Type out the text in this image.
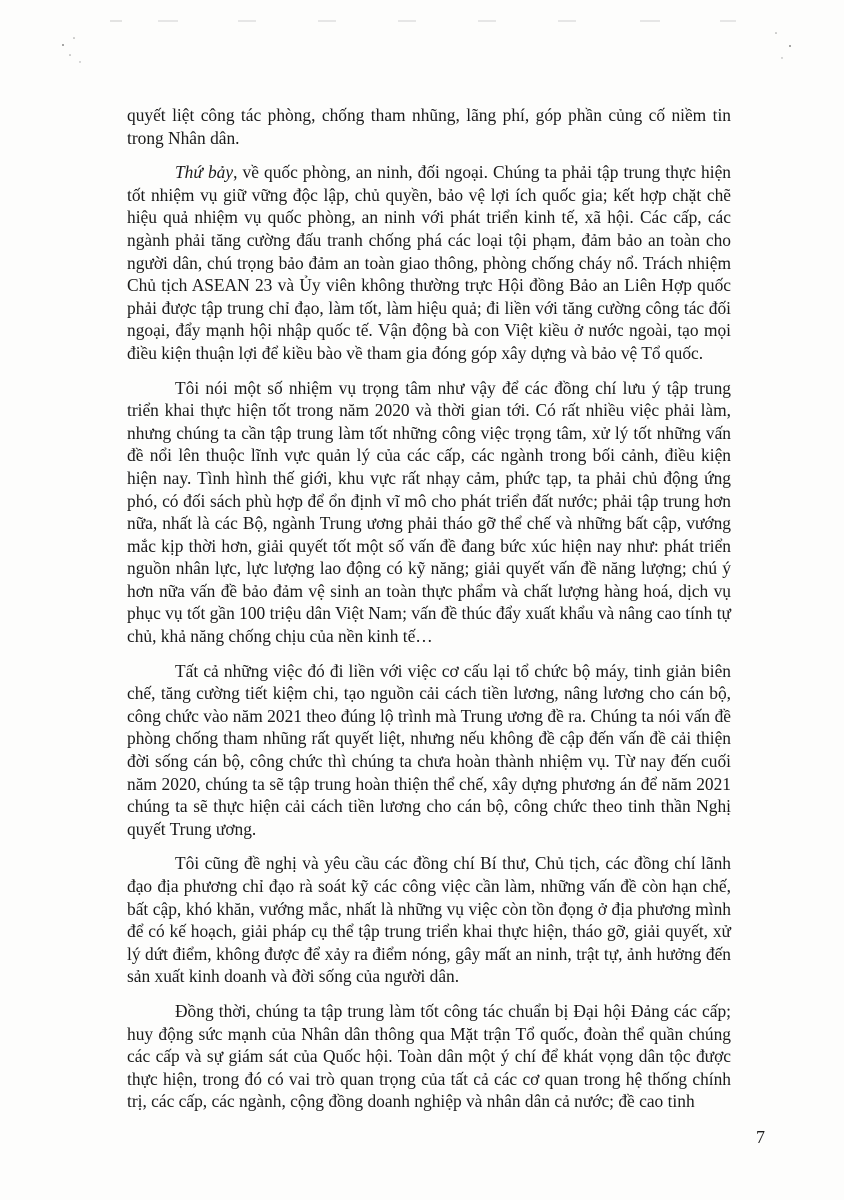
quyết liệt công tác phòng, chống tham nhũng, lãng phí, góp phần củng cố niềm tin trong Nhân dân.

Thứ bảy, về quốc phòng, an ninh, đối ngoại. Chúng ta phải tập trung thực hiện tốt nhiệm vụ giữ vững độc lập, chủ quyền, bảo vệ lợi ích quốc gia; kết hợp chặt chẽ hiệu quả nhiệm vụ quốc phòng, an ninh với phát triển kinh tế, xã hội. Các cấp, các ngành phải tăng cường đấu tranh chống phá các loại tội phạm, đảm bảo an toàn cho người dân, chú trọng bảo đảm an toàn giao thông, phòng chống cháy nổ. Trách nhiệm Chủ tịch ASEAN 23 và Ủy viên không thường trực Hội đồng Bảo an Liên Hợp quốc phải được tập trung chỉ đạo, làm tốt, làm hiệu quả; đi liền với tăng cường công tác đối ngoại, đẩy mạnh hội nhập quốc tế. Vận động bà con Việt kiều ở nước ngoài, tạo mọi điều kiện thuận lợi để kiều bào về tham gia đóng góp xây dựng và bảo vệ Tổ quốc.

Tôi nói một số nhiệm vụ trọng tâm như vậy để các đồng chí lưu ý tập trung triển khai thực hiện tốt trong năm 2020 và thời gian tới. Có rất nhiều việc phải làm, nhưng chúng ta cần tập trung làm tốt những công việc trọng tâm, xử lý tốt những vấn đề nổi lên thuộc lĩnh vực quản lý của các cấp, các ngành trong bối cảnh, điều kiện hiện nay. Tình hình thế giới, khu vực rất nhạy cảm, phức tạp, ta phải chủ động ứng phó, có đối sách phù hợp để ổn định vĩ mô cho phát triển đất nước; phải tập trung hơn nữa, nhất là các Bộ, ngành Trung ương phải tháo gỡ thể chế và những bất cập, vướng mắc kịp thời hơn, giải quyết tốt một số vấn đề đang bức xúc hiện nay như: phát triển nguồn nhân lực, lực lượng lao động có kỹ năng; giải quyết vấn đề năng lượng; chú ý hơn nữa vấn đề bảo đảm vệ sinh an toàn thực phẩm và chất lượng hàng hoá, dịch vụ phục vụ tốt gần 100 triệu dân Việt Nam; vấn đề thúc đẩy xuất khẩu và nâng cao tính tự chủ, khả năng chống chịu của nền kinh tế…

Tất cả những việc đó đi liền với việc cơ cấu lại tổ chức bộ máy, tinh giản biên chế, tăng cường tiết kiệm chi, tạo nguồn cải cách tiền lương, nâng lương cho cán bộ, công chức vào năm 2021 theo đúng lộ trình mà Trung ương đề ra. Chúng ta nói vấn đề phòng chống tham nhũng rất quyết liệt, nhưng nếu không đề cập đến vấn đề cải thiện đời sống cán bộ, công chức thì chúng ta chưa hoàn thành nhiệm vụ. Từ nay đến cuối năm 2020, chúng ta sẽ tập trung hoàn thiện thể chế, xây dựng phương án để năm 2021 chúng ta sẽ thực hiện cải cách tiền lương cho cán bộ, công chức theo tinh thần Nghị quyết Trung ương.

Tôi cũng đề nghị và yêu cầu các đồng chí Bí thư, Chủ tịch, các đồng chí lãnh đạo địa phương chỉ đạo rà soát kỹ các công việc cần làm, những vấn đề còn hạn chế, bất cập, khó khăn, vướng mắc, nhất là những vụ việc còn tồn đọng ở địa phương mình để có kế hoạch, giải pháp cụ thể tập trung triển khai thực hiện, tháo gỡ, giải quyết, xử lý dứt điểm, không được để xảy ra điểm nóng, gây mất an ninh, trật tự, ảnh hưởng đến sản xuất kinh doanh và đời sống của người dân.

Đồng thời, chúng ta tập trung làm tốt công tác chuẩn bị Đại hội Đảng các cấp; huy động sức mạnh của Nhân dân thông qua Mặt trận Tổ quốc, đoàn thể quần chúng các cấp và sự giám sát của Quốc hội. Toàn dân một ý chí để khát vọng dân tộc được thực hiện, trong đó có vai trò quan trọng của tất cả các cơ quan trong hệ thống chính trị, các cấp, các ngành, cộng đồng doanh nghiệp và nhân dân cả nước; đề cao tinh

7
